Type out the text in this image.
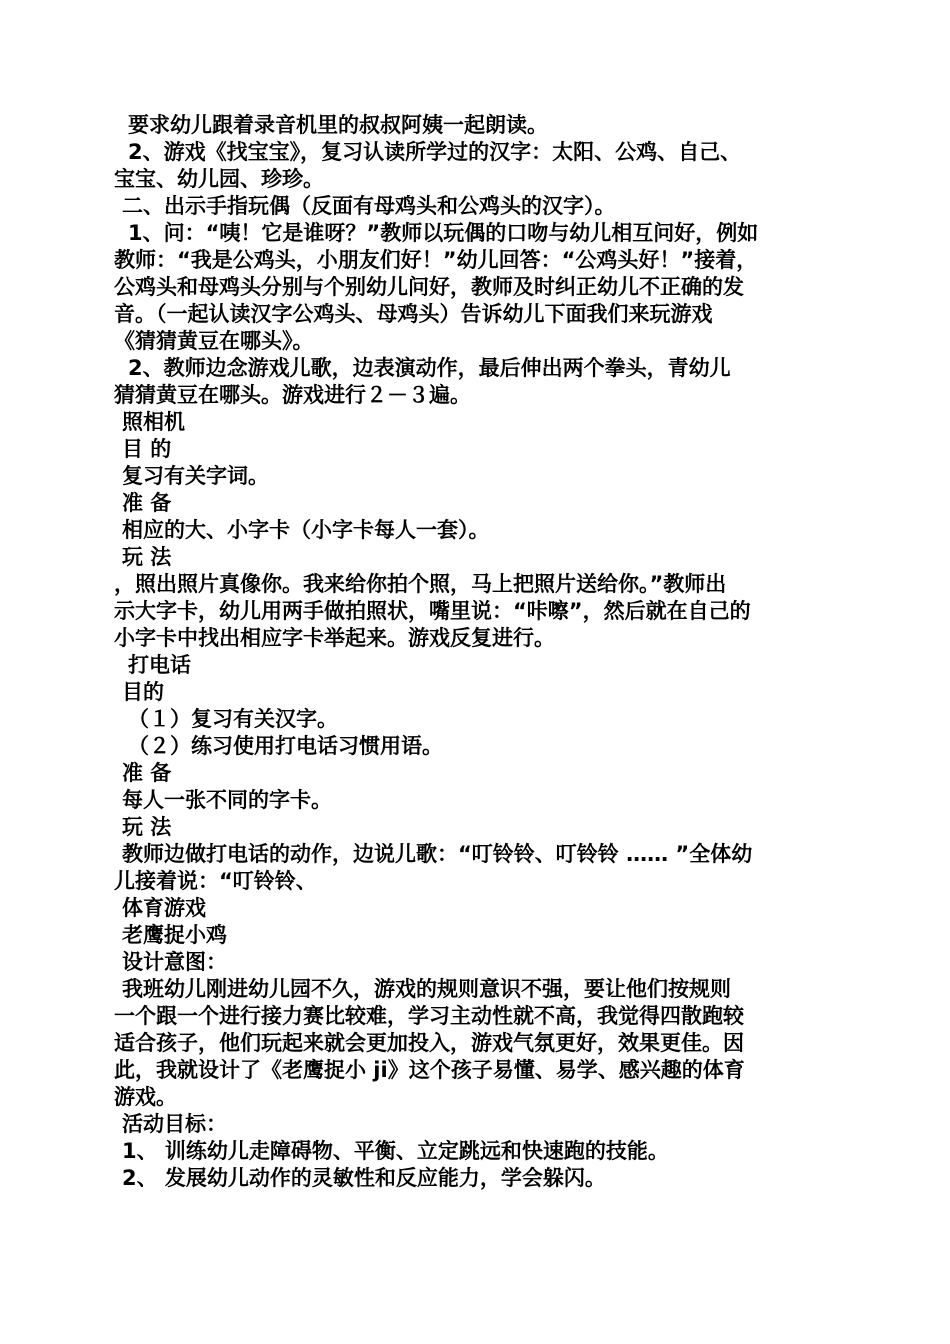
要求幼儿跟着录音机里的叔叔阿姨一起朗读。
2、游戏《找宝宝》，复习认读所学过的汉字：太阳、公鸡、自己、
宝宝、幼儿园、珍珍。
二、出示手指玩偶（反面有母鸡头和公鸡头的汉字）。
1、问：“咦！它是谁呀？”教师以玩偶的口吻与幼儿相互问好，例如
教师：“我是公鸡头，小朋友们好！”幼儿回答：“公鸡头好！”接着，
公鸡头和母鸡头分别与个别幼儿问好，教师及时纠正幼儿不正确的发
音。（一起认读汉字公鸡头、母鸡头）告诉幼儿下面我们来玩游戏
《猜猜黄豆在哪头》。
2、教师边念游戏儿歌，边表演动作，最后伸出两个拳头，青幼儿
猜猜黄豆在哪头。游戏进行２－３遍。
照相机
目 的
复习有关字词。
准 备
相应的大、小字卡（小字卡每人一套）。
玩 法
，照出照片真像你。我来给你拍个照，马上把照片送给你。”教师出
示大字卡，幼儿用两手做拍照状，嘴里说：“咔嚓”，然后就在自己的
小字卡中找出相应字卡举起来。游戏反复进行。
打电话
目的
（１）复习有关汉字。
（２）练习使用打电话习惯用语。
准 备
每人一张不同的字卡。
玩 法
教师边做打电话的动作，边说儿歌：“叮铃铃、叮铃铃 …… ”全体幼
儿接着说：“叮铃铃、
体育游戏
老鹰捉小鸡
设计意图：
我班幼儿刚进幼儿园不久，游戏的规则意识不强，要让他们按规则
一个跟一个进行接力赛比较难，学习主动性就不高，我觉得四散跑较
适合孩子，他们玩起来就会更加投入，游戏气氛更好，效果更佳。因
此，我就设计了《老鹰捉小 ji》这个孩子易懂、易学、感兴趣的体育
游戏。
活动目标：
1、 训练幼儿走障碍物、平衡、立定跳远和快速跑的技能。
2、 发展幼儿动作的灵敏性和反应能力，学会躲闪。
